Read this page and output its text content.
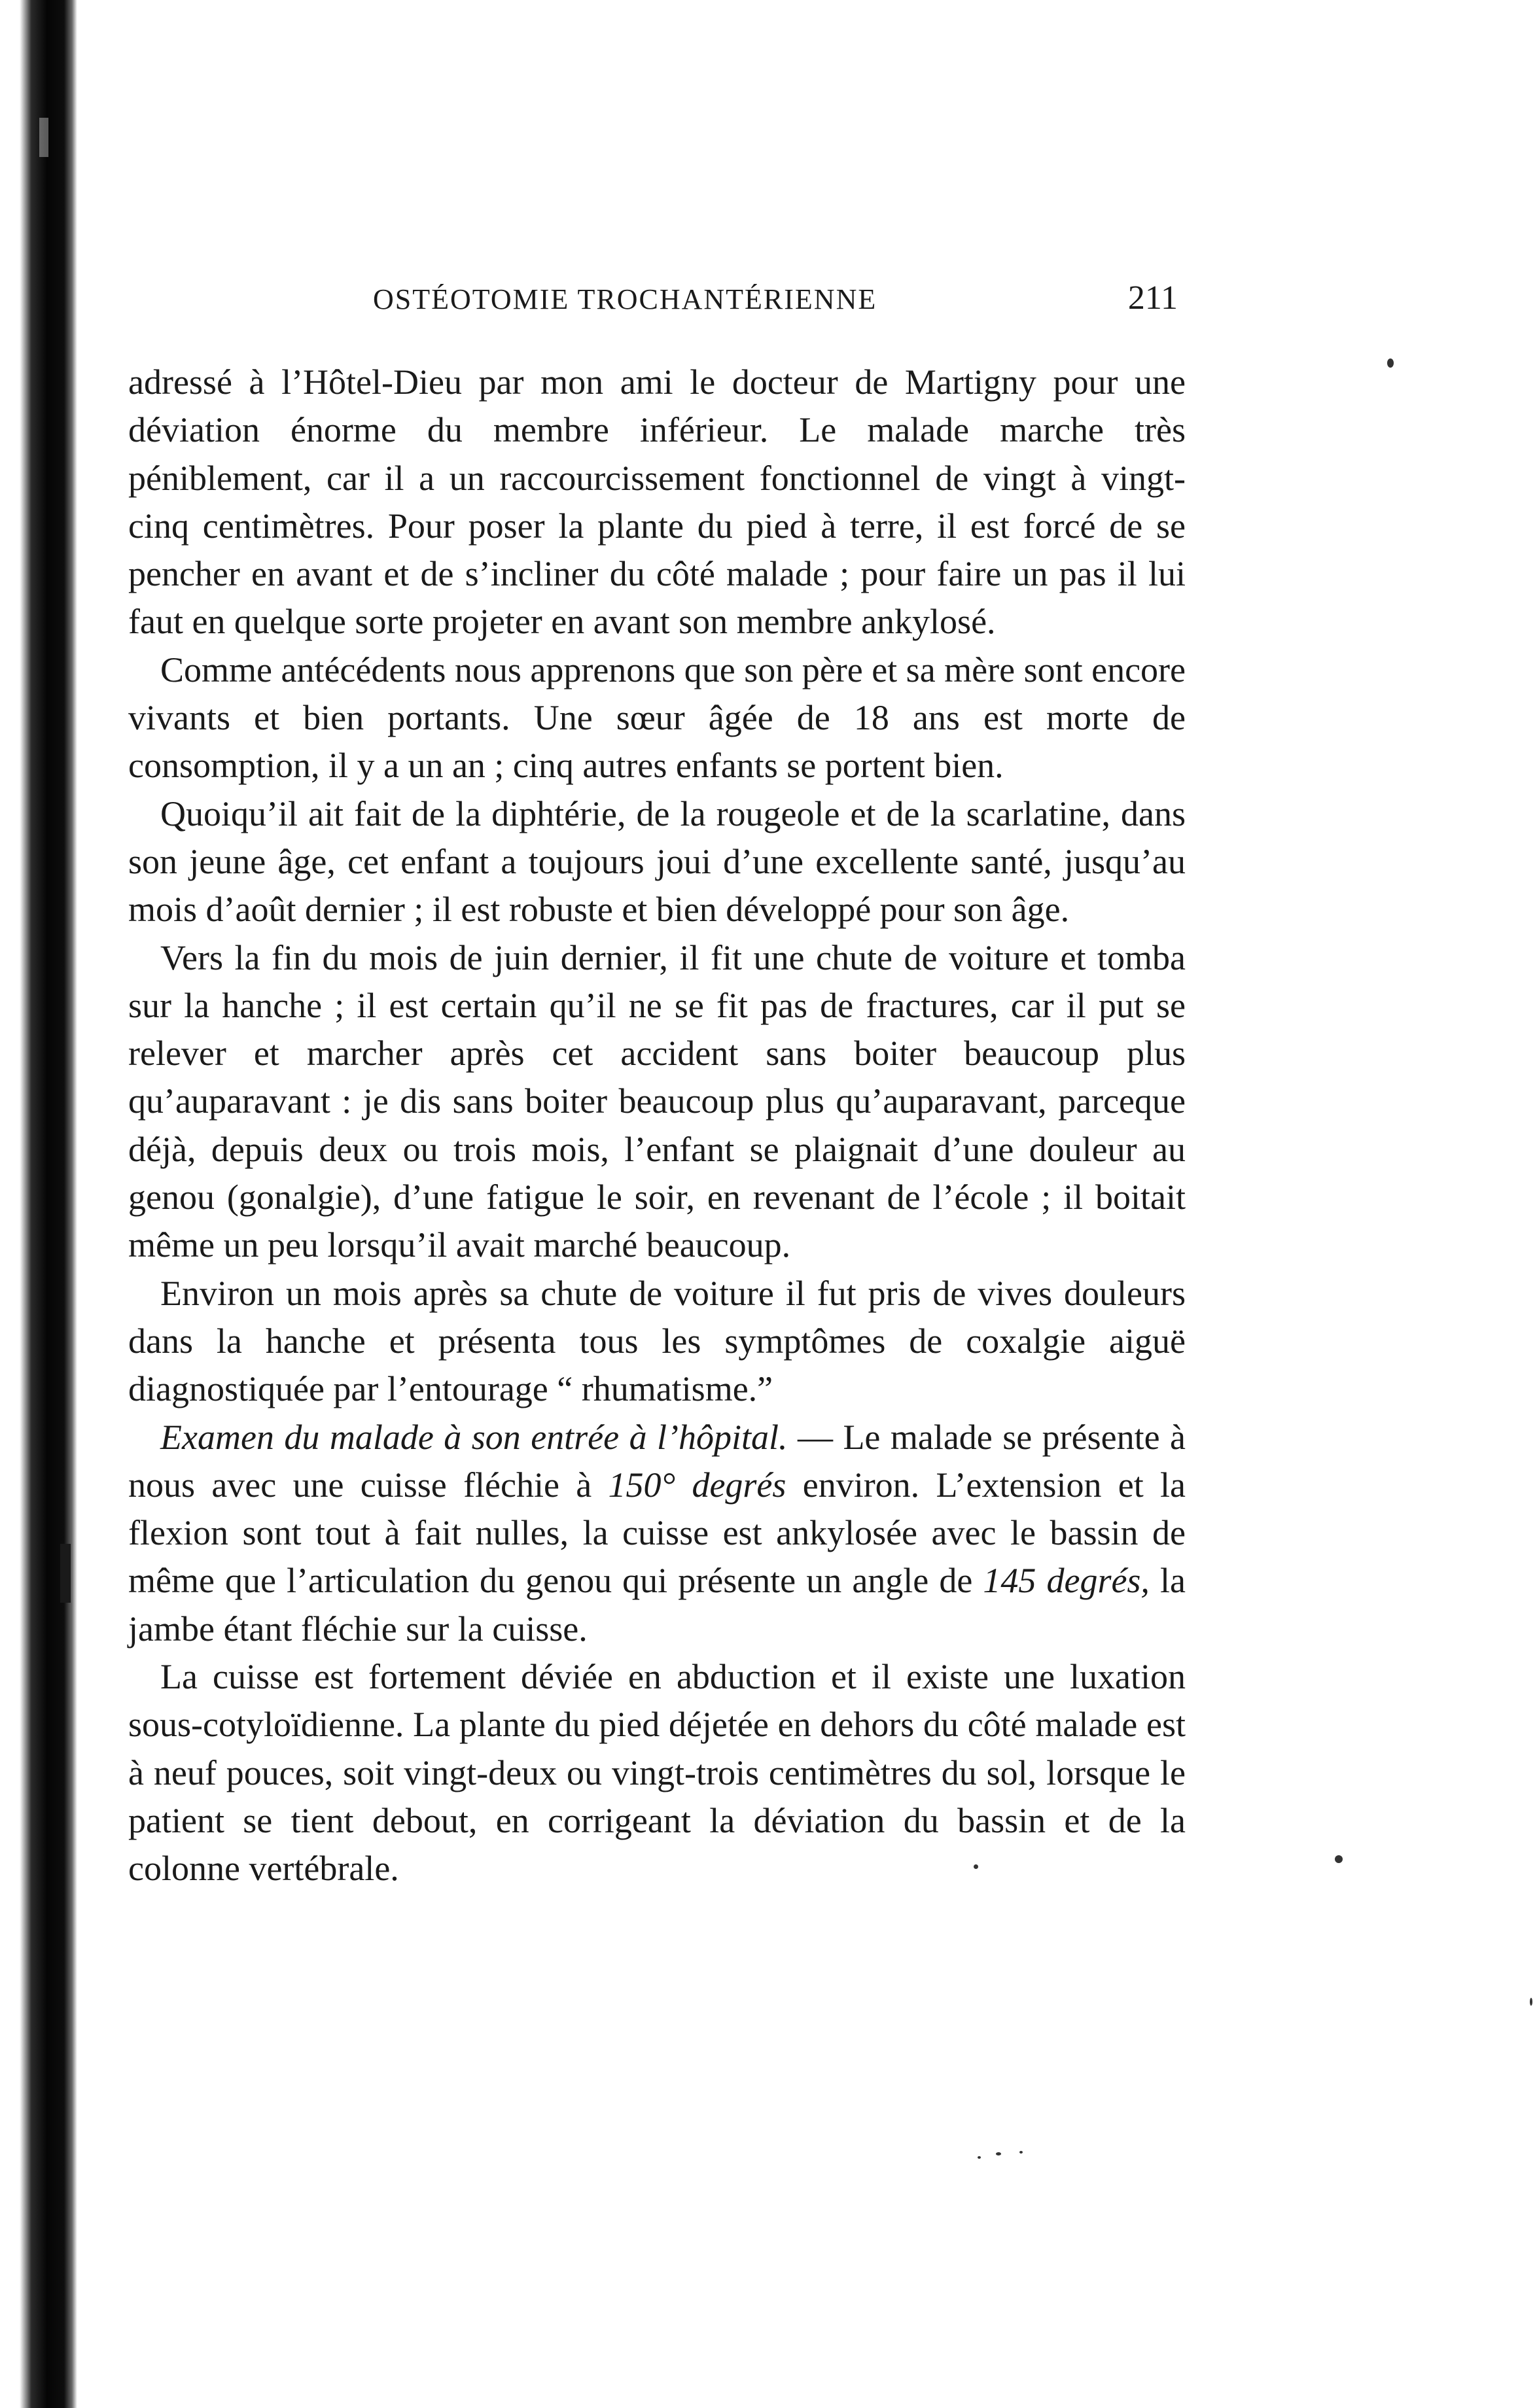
OSTÉOTOMIE TROCHANTÉRIENNE	211

adressé à l’Hôtel-Dieu par mon ami le docteur de Martigny pour une déviation énorme du membre inférieur. Le malade marche très péniblement, car il a un raccourcissement fonctionnel de vingt à vingt-cinq centimètres. Pour poser la plante du pied à terre, il est forcé de se pencher en avant et de s’incliner du côté malade ; pour faire un pas il lui faut en quelque sorte projeter en avant son membre ankylosé.

Comme antécédents nous apprenons que son père et sa mère sont encore vivants et bien portants. Une sœur âgée de 18 ans est morte de consomption, il y a un an ; cinq autres enfants se portent bien.

Quoiqu’il ait fait de la diphtérie, de la rougeole et de la scarlatine, dans son jeune âge, cet enfant a toujours joui d’une excellente santé, jusqu’au mois d’août dernier ; il est robuste et bien développé pour son âge.

Vers la fin du mois de juin dernier, il fit une chute de voiture et tomba sur la hanche ; il est certain qu’il ne se fit pas de fractures, car il put se relever et marcher après cet accident sans boiter beaucoup plus qu’auparavant : je dis sans boiter beaucoup plus qu’auparavant, parceque déjà, depuis deux ou trois mois, l’enfant se plaignait d’une douleur au genou (gonalgie), d’une fatigue le soir, en revenant de l’école ; il boitait même un peu lorsqu’il avait marché beaucoup.

Environ un mois après sa chute de voiture il fut pris de vives douleurs dans la hanche et présenta tous les symptômes de coxalgie aiguë diagnostiquée par l’entourage “ rhumatisme.”

Examen du malade à son entrée à l’hôpital. — Le malade se présente à nous avec une cuisse fléchie à 150° degrés environ. L’extension et la flexion sont tout à fait nulles, la cuisse est ankylosée avec le bassin de même que l’articulation du genou qui présente un angle de 145 degrés, la jambe étant fléchie sur la cuisse.

La cuisse est fortement déviée en abduction et il existe une luxation sous-cotyloïdienne. La plante du pied déjetée en dehors du côté malade est à neuf pouces, soit vingt-deux ou vingt-trois centimètres du sol, lorsque le patient se tient debout, en corrigeant la déviation du bassin et de la colonne vertébrale.
